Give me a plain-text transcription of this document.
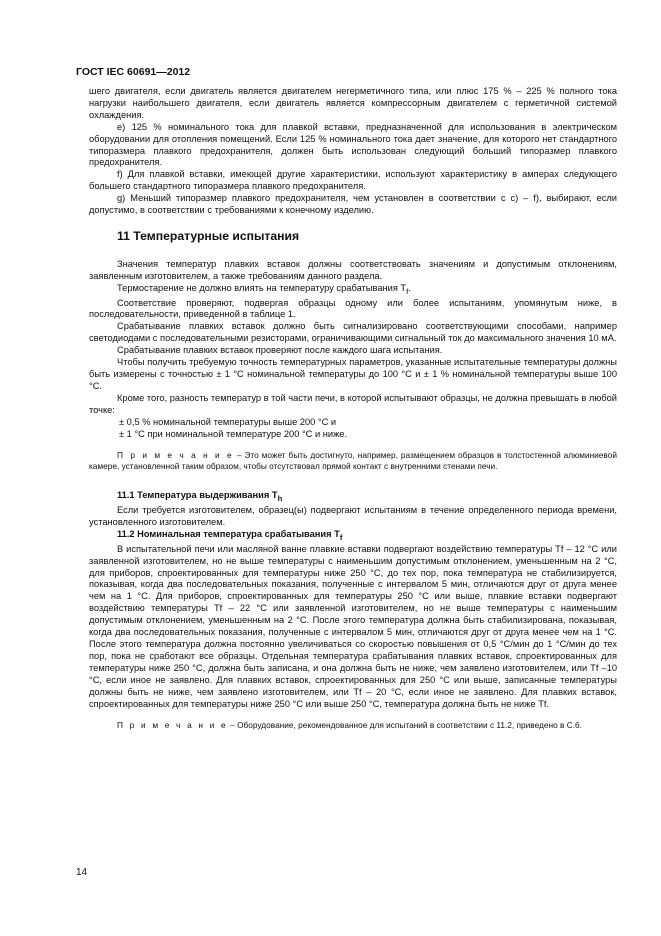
ГОСТ IEC 60691—2012

шего двигателя, если двигатель является двигателем негерметичного типа, или плюс 175 % – 225 % полного тока нагрузки наибольшего двигателя, если двигатель является компрессорным двигателем с герметичной системой охлаждения.

е) 125 % номинального тока для плавкой вставки, предназначенной для использования в электрическом оборудовании для отопления помещений. Если 125 % номинального тока дает значение, для которого нет стандартного типоразмера плавкого предохранителя, должен быть использован следующий больший типоразмер плавкого предохранителя.

f) Для плавкой вставки, имеющей другие характеристики, используют характеристику в амперах следующего большего стандартного типоразмера плавкого предохранителя.

g) Меньший типоразмер плавкого предохранителя, чем установлен в соответствии с с) – f), выбирают, если допустимо, в соответствии с требованиями к конечному изделию.

11 Температурные испытания

Значения температур плавких вставок должны соответствовать значениям и допустимым отклонениям, заявленным изготовителем, а также требованиям данного раздела.

Термостарение не должно влиять на температуру срабатывания $T_f$.

Соответствие проверяют, подвергая образцы одному или более испытаниям, упомянутым ниже, в последовательности, приведенной в таблице 1.

Срабатывание плавких вставок должно быть сигнализировано соответствующими способами, например светодиодами с последовательными резисторами, ограничивающими сигнальный ток до максимального значения 10 мА.

Срабатывание плавких вставок проверяют после каждого шага испытания.

Чтобы получить требуемую точность температурных параметров, указанные испытательные температуры должны быть измерены с точностью ± 1 °С номинальной температуры до 100 °С и ± 1 % номинальной температуры выше 100 °С.

Кроме того, разность температур в той части печи, в которой испытывают образцы, не должна превышать в любой точке:

± 0,5 % номинальной температуры выше 200 °С и

± 1 °С при номинальной температуре 200 °С и ниже.

П р и м е ч а н и е – Это может быть достигнуто, например, размещением образцов в толстостенной алюминиевой камере, установленной таким образом, чтобы отсутствовал прямой контакт с внутренними стенами печи.

11.1 Температура выдерживания $T_h$

Если требуется изготовителем, образец(ы) подвергают испытаниям в течение определенного периода времени, установленного изготовителем.

11.2 Номинальная температура срабатывания $T_f$

В испытательной печи или масляной ванне плавкие вставки подвергают воздействию температуры Tf – 12 °С или заявленной изготовителем, но не выше температуры с наименьшим допустимым отклонением, уменьшенным на 2 °С, для приборов, спроектированных для температуры ниже 250 °С, до тех пор, пока температура не стабилизируется, показывая, когда два последовательных показания, полученные с интервалом 5 мин, отличаются друг от друга менее чем на 1 °С. Для приборов, спроектированных для температуры 250 °С или выше, плавкие вставки подвергают воздействию температуры Tf – 22 °С или заявленной изготовителем, но не выше температуры с наименьшим допустимым отклонением, уменьшенным на 2 °С. После этого температура должна быть стабилизирована, показывая, когда два последовательных показания, полученные с интервалом 5 мин, отличаются друг от друга менее чем на 1 °С. После этого температура должна постоянно увеличиваться со скоростью повышения от 0,5 °С/мин до 1 °С/мин до тех пор, пока не сработают все образцы. Отдельная температура срабатывания плавких вставок, спроектированных для температуры ниже 250 °С, должна быть записана, и она должна быть не ниже, чем заявлено изготовителем, или Tf –10 °С, если иное не заявлено. Для плавких вставок, спроектированных для 250 °С или выше, записанные температуры должны быть не ниже, чем заявлено изготовителем, или Tf – 20 °С, если иное не заявлено. Для плавких вставок, спроектированных для температуры ниже 250 °С или выше 250 °С, температура должна быть не ниже Tf.

П р и м е ч а н и е – Оборудование, рекомендованное для испытаний в соответствии с 11.2, приведено в С.6.

14
